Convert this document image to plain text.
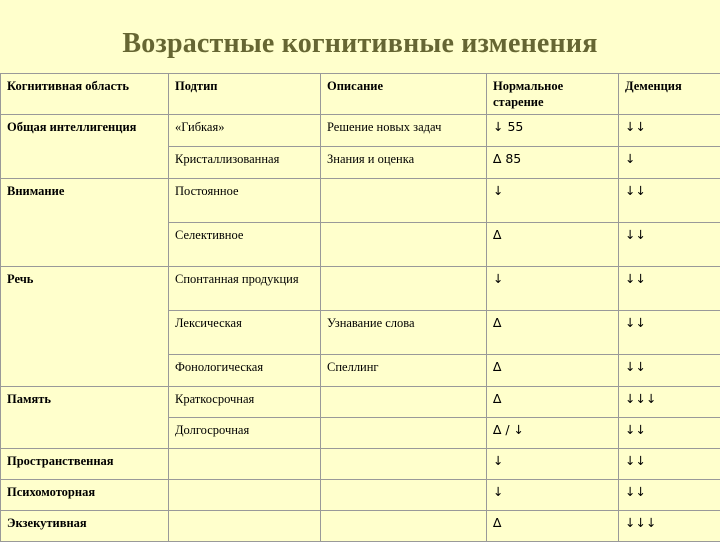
Возрастные когнитивные изменения
Когнитивная область	Подтип	Описание	Нормальное старение	Деменция
Общая интеллигенция	«Гибкая»	Решение новых задач	↓ 55	↓↓
	Кристаллизованная	Знания и оценка	∆ 85	↓
Внимание	Постоянное		↓	↓↓
	Селективное		∆	↓↓
Речь	Спонтанная продукция		↓	↓↓
	Лексическая	Узнавание слова	∆	↓↓
	Фонологическая	Спеллинг	∆	↓↓
Память	Краткосрочная		∆	↓↓↓
	Долгосрочная		∆ / ↓	↓↓
Пространственная			↓	↓↓
Психомоторная			↓	↓↓
Экзекутивная			∆	↓↓↓
